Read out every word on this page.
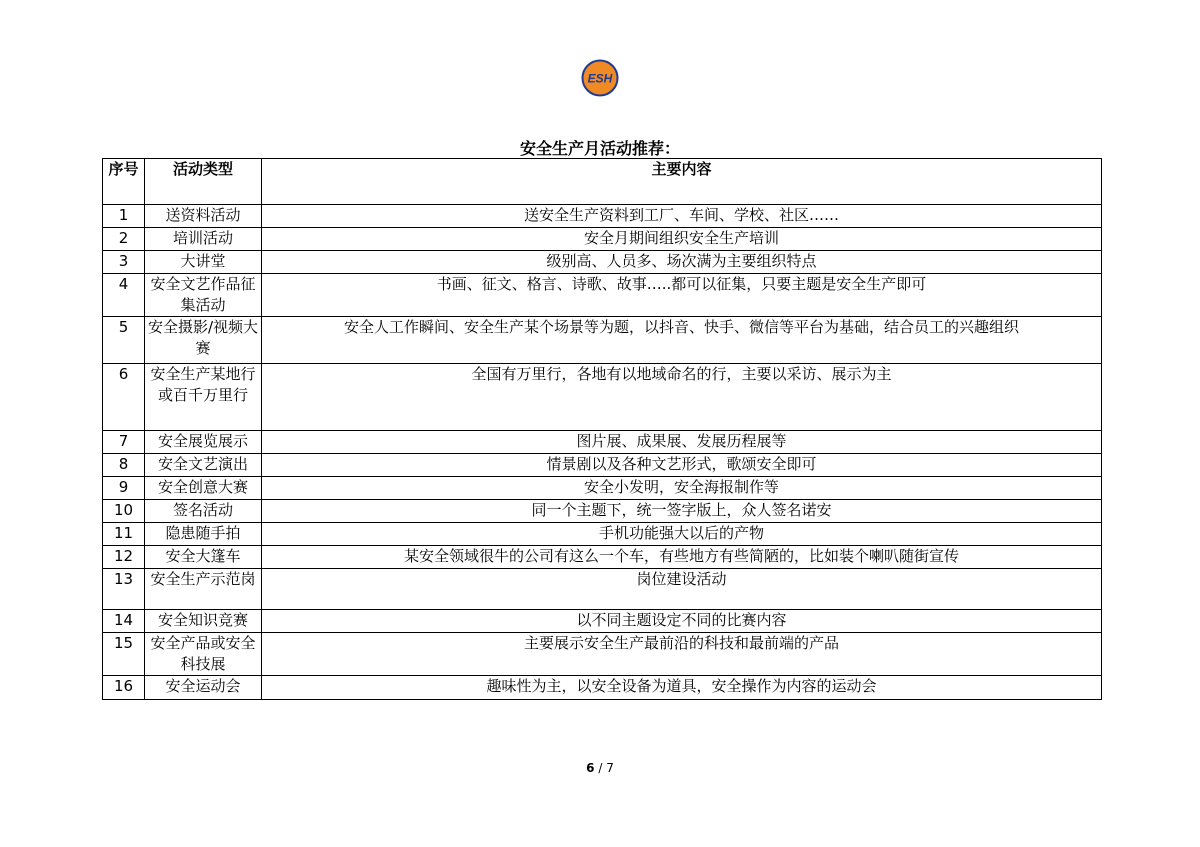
ESH
安全生产月活动推荐：
序号	活动类型	主要内容
1	送资料活动	送安全生产资料到工厂、车间、学校、社区……
2	培训活动	安全月期间组织安全生产培训
3	大讲堂	级别高、人员多、场次满为主要组织特点
4	安全文艺作品征集活动	书画、征文、格言、诗歌、故事…..都可以征集，只要主题是安全生产即可
5	安全摄影/视频大赛	安全人工作瞬间、安全生产某个场景等为题，以抖音、快手、微信等平台为基础，结合员工的兴趣组织
6	安全生产某地行或百千万里行	全国有万里行，各地有以地域命名的行，主要以采访、展示为主
7	安全展览展示	图片展、成果展、发展历程展等
8	安全文艺演出	情景剧以及各种文艺形式，歌颂安全即可
9	安全创意大赛	安全小发明，安全海报制作等
10	签名活动	同一个主题下，统一签字版上，众人签名诺安
11	隐患随手拍	手机功能强大以后的产物
12	安全大篷车	某安全领域很牛的公司有这么一个车，有些地方有些简陋的，比如装个喇叭随街宣传
13	安全生产示范岗	岗位建设活动
14	安全知识竞赛	以不同主题设定不同的比赛内容
15	安全产品或安全科技展	主要展示安全生产最前沿的科技和最前端的产品
16	安全运动会	趣味性为主，以安全设备为道具，安全操作为内容的运动会
6 / 7
